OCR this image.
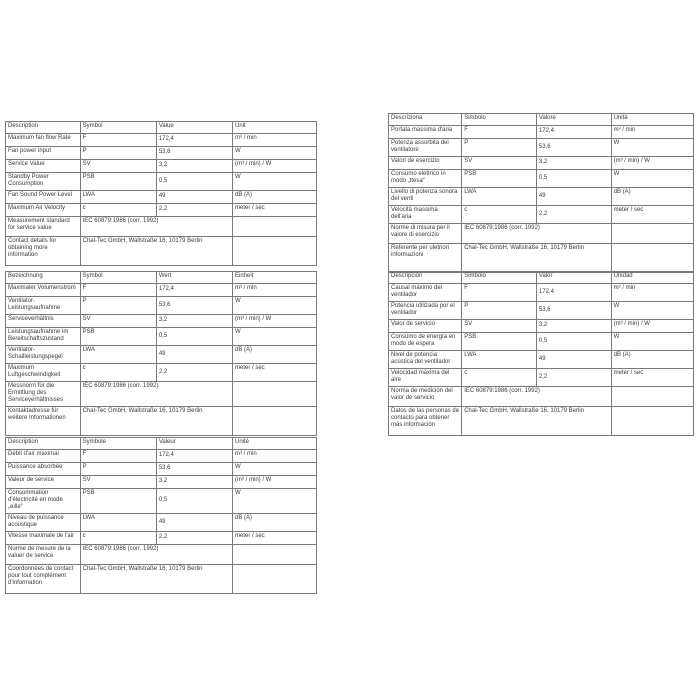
Description	Symbol	Value	Unit
Maximum fan flow Rate	F	172,4	m³ / min
Fan power input	P	53,6	W
Service Value	SV	3,2	(m³ / min) / W
Standby Power Consumption	PSB	0,5	W
Fan Sound Power Level	LWA	49	dB (A)
Maximum Air Velocity	c	2,2	meter / sec
Measurement standard for service value	IEC 60879:1986 (corr. 1992)		
Contact details for obtaining more information	Chal-Tec GmbH, Wallstraße 16, 10179 Berlin		
Bezeichnung	Symbol	Wert	Einheit
Maximaler Volumenstrom	F	172,4	m³ / min
Ventilator-Leistungsaufnahme	P	53,6	W
Serviceverhältnis	SV	3,2	(m³ / min) / W
Leistungsaufnahme im Bereitschaftszustand	PSB	0,5	W
Ventilator-Schallleistungspegel	LWA	49	dB (A)
Maximum Luftgeschwindigkeit	c	2,2	meter / sec
Messnorm für die Ermittlung des Serviceverhältnisses	IEC 60879:1986 (corr. 1992)		
Kontaktadresse für weitere Informationen	Chal-Tec GmbH, Wallstraße 16, 10179 Berlin		
Description	Symbole	Valeur	Unité
Débit d'air maximal	F	172,4	m³ / min
Puissance absorbée	P	53,6	W
Valeur de service	SV	3,2	(m³ / min) / W
Consommation d'électricité en mode „eille“	PSB	0,5	W
Niveau de puissance acoustique	LWA	49	dB (A)
Vitesse maximale de l'air	c	2,2	meter / sec
Norme de mesure de la valuer de service	IEC 60879:1986 (corr. 1992)		
Coordonnées de contact pour tout complément d'information	Chal-Tec GmbH, Wallstraße 16, 10179 Berlin		
Descriziona	Simbolo	Valore	Unità
Portata massima d'aria	F	172,4	m³ / min
Potenza assorbita del ventilatore	P	53,6	W
Valori de esercizio	SV	3,2	(m³ / min) / W
Consumo elettrico in modo „ttesa“	PSB	0,5	W
Livello di potenza sonora del venti	LWA	49	dB (A)
Velocità massima dell'aria	c	2,2	meter / sec
Norme di misura per il valore di esercizio	IEC 60879:1986 (corr. 1992)		
Referente per uletriori informazioni	Chal-Tec GmbH, Wallstraße 16, 10179 Berlin		
Descripción	Simbolo	Valor	Unidad
Causal máximo del ventilador	F	172,4	m³ / min
Potencia utilizada por el ventilador	P	53,6	W
Valor de servicio	SV	3,2	(m³ / min) / W
Consumo de energía en modo de espera	PSB	0,5	W
Nivel de potencia acústica del ventilador	LWA	49	dB (A)
Velocidad máxima del aire	c	2,2	meter / sec
Norma de medición del valor de servicio	IEC 60879:1986 (corr. 1992)		
Datos de las personas de contacto para obtener más información	Chal-Tec GmbH, Wallstraße 16, 10179 Berlin		
